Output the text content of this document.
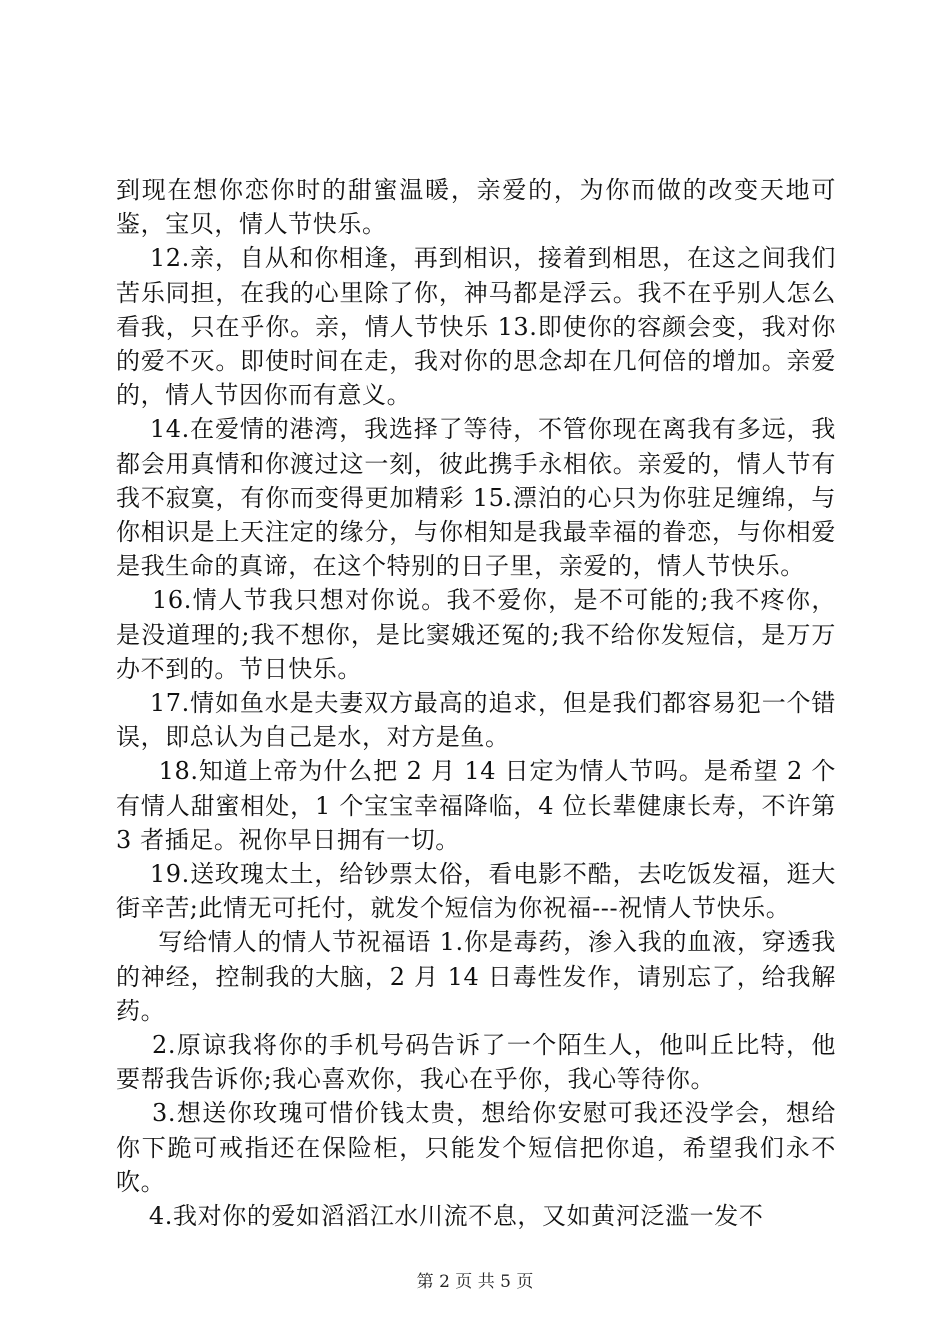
到现在想你恋你时的甜蜜温暖，亲爱的，为你而做的改变天地可鉴，宝贝，情人节快乐。

12.亲，自从和你相逢，再到相识，接着到相思，在这之间我们苦乐同担，在我的心里除了你，神马都是浮云。我不在乎别人怎么看我，只在乎你。亲，情人节快乐 13.即使你的容颜会变，我对你的爱不灭。即使时间在走，我对你的思念却在几何倍的增加。亲爱的，情人节因你而有意义。

14.在爱情的港湾，我选择了等待，不管你现在离我有多远，我都会用真情和你渡过这一刻，彼此携手永相依。亲爱的，情人节有我不寂寞，有你而变得更加精彩 15.漂泊的心只为你驻足缠绵，与你相识是上天注定的缘分，与你相知是我最幸福的眷恋，与你相爱是我生命的真谛，在这个特别的日子里，亲爱的，情人节快乐。

16.情人节我只想对你说。我不爱你，是不可能的;我不疼你，是没道理的;我不想你，是比窦娥还冤的;我不给你发短信，是万万办不到的。节日快乐。

17.情如鱼水是夫妻双方最高的追求，但是我们都容易犯一个错误，即总认为自己是水，对方是鱼。

18.知道上帝为什么把 2 月 14 日定为情人节吗。是希望 2 个有情人甜蜜相处，1 个宝宝幸福降临，4 位长辈健康长寿，不许第 3 者插足。祝你早日拥有一切。

19.送玫瑰太土，给钞票太俗，看电影不酷，去吃饭发福，逛大街辛苦;此情无可托付，就发个短信为你祝福---祝情人节快乐。

写给情人的情人节祝福语 1.你是毒药，渗入我的血液，穿透我的神经，控制我的大脑，2 月 14 日毒性发作，请别忘了，给我解药。

2.原谅我将你的手机号码告诉了一个陌生人，他叫丘比特，他要帮我告诉你;我心喜欢你，我心在乎你，我心等待你。

3.想送你玫瑰可惜价钱太贵，想给你安慰可我还没学会，想给你下跪可戒指还在保险柜，只能发个短信把你追，希望我们永不吹。

4.我对你的爱如滔滔江水川流不息，又如黄河泛滥一发不

第 2 页 共 5 页
